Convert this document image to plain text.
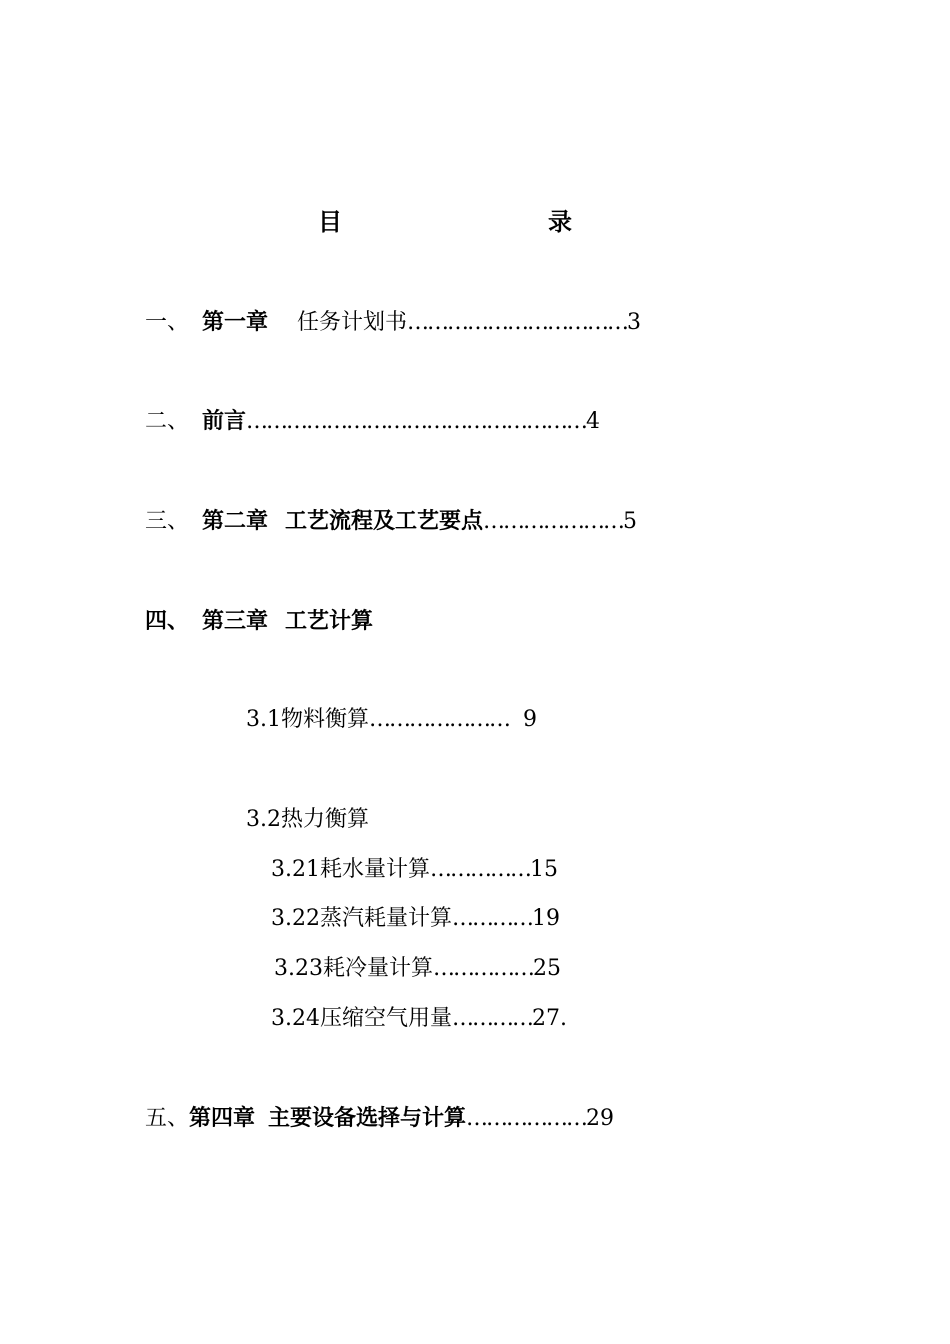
目	录
一、 第一章 任务计划书……………………………3
二、 前言……………………………………………4
三、 第二章 工艺流程及工艺要点…………………5
四、 第三章 工艺计算
3.1物料衡算………………… 9
3.2热力衡算
3.21耗水量计算……………15
3.22蒸汽耗量计算…………19
3.23耗冷量计算……………25
3.24压缩空气用量…………27.
五、第四章 主要设备选择与计算………………29
